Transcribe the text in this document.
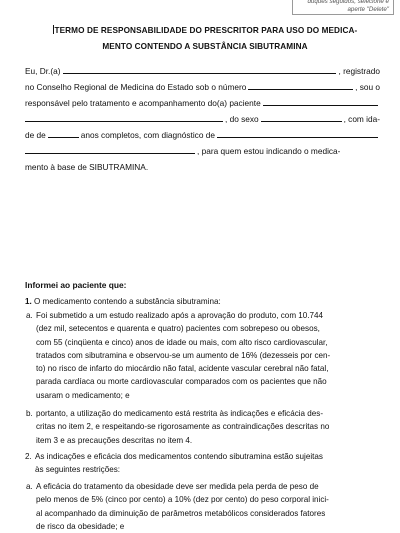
dúques seguidos, selecione e
aperte "Delete"
TERMO DE RESPONSABILIDADE DO PRESCRITOR PARA USO DO MEDICA-
MENTO CONTENDO A SUBSTÂNCIA SIBUTRAMINA
Eu, Dr.(a)	, registrado
no Conselho Regional de Medicina do Estado sob o número	, sou o
responsável pelo tratamento e acompanhamento do(a) paciente
, do sexo	, com ida-
de de	anos completos, com diagnóstico de
, para quem estou indicando o medica-
mento à base de SIBUTRAMINA.
Informei ao paciente que:
1. O medicamento contendo a substância sibutramina:
a. Foi submetido a um estudo realizado após a aprovação do produto, com 10.744
(dez mil, setecentos e quarenta e quatro) pacientes com sobrepeso ou obesos,
com 55 (cinqüenta e cinco) anos de idade ou mais, com alto risco cardiovascular,
tratados com sibutramina e observou-se um aumento de 16% (dezesseis por cen-
to) no risco de infarto do miocárdio não fatal, acidente vascular cerebral não fatal,
parada cardíaca ou morte cardiovascular comparados com os pacientes que não
usaram o medicamento; e
b. portanto, a utilização do medicamento está restrita às indicações e eficácia des-
critas no item 2, e respeitando-se rigorosamente as contraindicações descritas no
item 3 e as precauções descritas no item 4.
2. As indicações e eficácia dos medicamentos contendo sibutramina estão sujeitas
às seguintes restrições:
a. A eficácia do tratamento da obesidade deve ser medida pela perda de peso de
pelo menos de 5% (cinco por cento) a 10% (dez por cento) do peso corporal inici-
al acompanhado da diminuição de parâmetros metabólicos considerados fatores
de risco da obesidade; e
